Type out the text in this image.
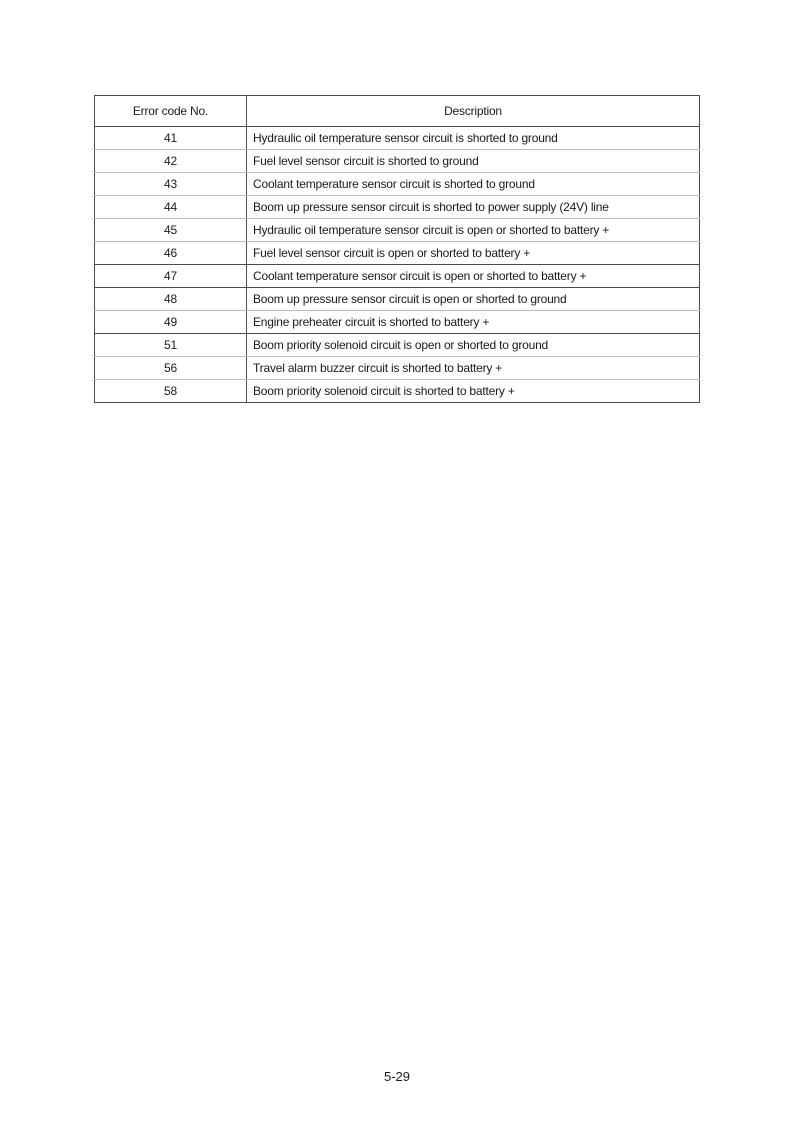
Error code No.	Description
41	Hydraulic oil temperature sensor circuit is shorted to ground
42	Fuel level sensor circuit is shorted to ground
43	Coolant temperature sensor circuit is shorted to ground
44	Boom up pressure sensor circuit is shorted to power supply (24V) line
45	Hydraulic oil temperature sensor circuit is open or shorted to battery +
46	Fuel level sensor circuit is open or shorted to battery +
47	Coolant temperature sensor circuit is open or shorted to battery +
48	Boom up pressure sensor circuit is open or shorted to ground
49	Engine preheater circuit is shorted to battery +
51	Boom priority solenoid circuit is open or shorted to ground
56	Travel alarm buzzer circuit is shorted to battery +
58	Boom priority solenoid circuit is shorted to battery +
5-29
